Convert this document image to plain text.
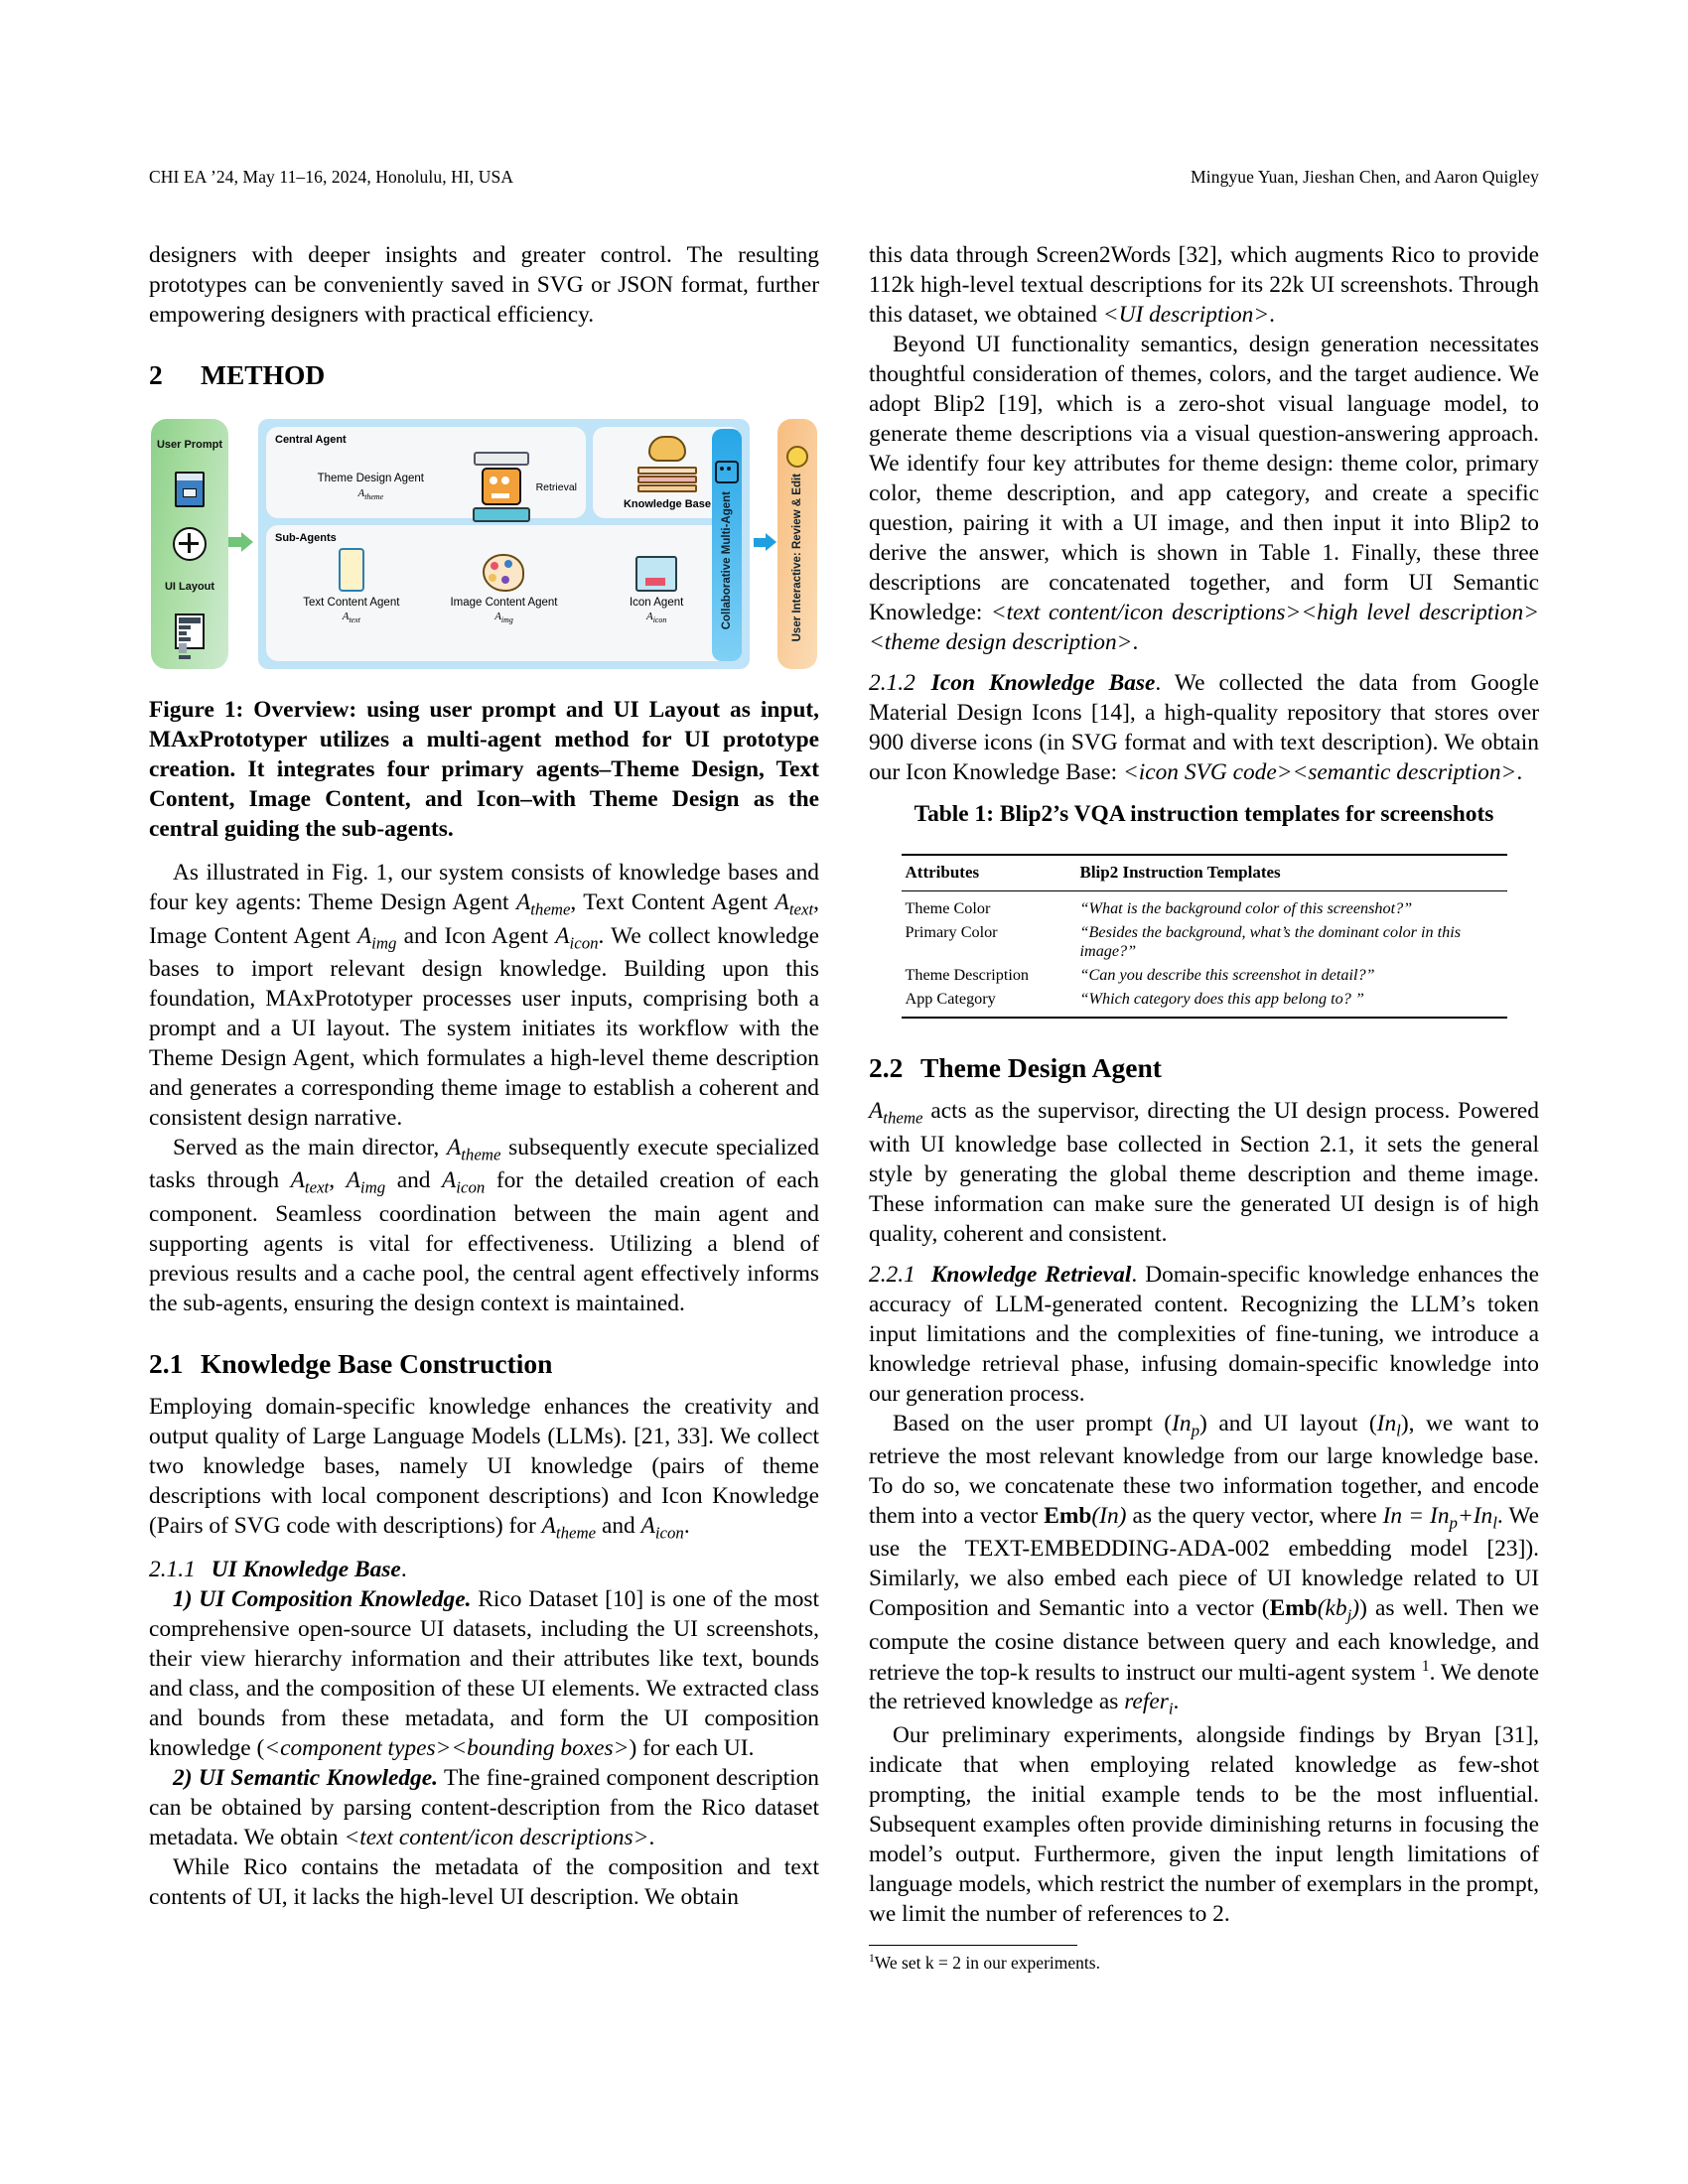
CHI EA ’24, May 11–16, 2024, Honolulu, HI, USA	Mingyue Yuan, Jieshan Chen, and Aaron Quigley

designers with deeper insights and greater control. The resulting prototypes can be conveniently saved in SVG or JSON format, further empowering designers with practical efficiency.

2	METHOD
User Prompt
UI Layout
Central Agent
Theme Design Agent
$A_{theme}$
Retrieval
Knowledge Base
Sub-Agents
Text Content Agent
$A_{text}$
Image Content Agent
$A_{img}$
Icon Agent
$A_{icon}$	Collaborative Multi-Agent	User Interactive: Review & Edit
Figure 1: Overview: using user prompt and UI Layout as input, MAxPrototyper utilizes a multi-agent method for UI prototype creation. It integrates four primary agents–Theme Design, Text Content, Image Content, and Icon–with Theme Design as the central guiding the sub-agents.

As illustrated in Fig. 1, our system consists of knowledge bases and four key agents: Theme Design Agent $A_{theme}$, Text Content Agent $A_{text}$, Image Content Agent $A_{img}$ and Icon Agent $A_{icon}$. We collect knowledge bases to import relevant design knowledge. Building upon this foundation, MAxPrototyper processes user inputs, comprising both a prompt and a UI layout. The system initiates its workflow with the Theme Design Agent, which formulates a high-level theme description and generates a corresponding theme image to establish a coherent and consistent design narrative.

Served as the main director, $A_{theme}$ subsequently execute specialized tasks through $A_{text}$, $A_{img}$ and $A_{icon}$ for the detailed creation of each component. Seamless coordination between the main agent and supporting agents is vital for effectiveness. Utilizing a blend of previous results and a cache pool, the central agent effectively informs the sub-agents, ensuring the design context is maintained.

2.1 Knowledge Base Construction

Employing domain-specific knowledge enhances the creativity and output quality of Large Language Models (LLMs). [21, 33]. We collect two knowledge bases, namely UI knowledge (pairs of theme descriptions with local component descriptions) and Icon Knowledge (Pairs of SVG code with descriptions) for $A_{theme}$ and $A_{icon}$.

2.1.1 UI Knowledge Base.

1) UI Composition Knowledge. Rico Dataset [10] is one of the most comprehensive open-source UI datasets, including the UI screenshots, their view hierarchy information and their attributes like text, bounds and class, and the composition of these UI elements. We extracted class and bounds from these metadata, and form the UI composition knowledge (<component types><bounding boxes>) for each UI.

2) UI Semantic Knowledge. The fine-grained component description can be obtained by parsing content-description from the Rico dataset metadata. We obtain <text content/icon descriptions>.

While Rico contains the metadata of the composition and text contents of UI, it lacks the high-level UI description. We obtain

this data through Screen2Words [32], which augments Rico to provide 112k high-level textual descriptions for its 22k UI screenshots. Through this dataset, we obtained <UI description>.

Beyond UI functionality semantics, design generation necessitates thoughtful consideration of themes, colors, and the target audience. We adopt Blip2 [19], which is a zero-shot visual language model, to generate theme descriptions via a visual question-answering approach. We identify four key attributes for theme design: theme color, primary color, theme description, and app category, and create a specific question, pairing it with a UI image, and then input it into Blip2 to derive the answer, which is shown in Table 1. Finally, these three descriptions are concatenated together, and form UI Semantic Knowledge: <text content/icon descriptions><high level description><theme design description>.

2.1.2 Icon Knowledge Base. We collected the data from Google Material Design Icons [14], a high-quality repository that stores over 900 diverse icons (in SVG format and with text description). We obtain our Icon Knowledge Base: <icon SVG code><semantic description>.

Table 1: Blip2’s VQA instruction templates for screenshots
Attributes	Blip2 Instruction Templates
Theme Color	“What is the background color of this screenshot?”
Primary Color	“Besides the background, what’s the dominant color in this image?”
Theme Description	“Can you describe this screenshot in detail?”
App Category	“Which category does this app belong to? ”
2.2 Theme Design Agent

$A_{theme}$ acts as the supervisor, directing the UI design process. Powered with UI knowledge base collected in Section 2.1, it sets the general style by generating the global theme description and theme image. These information can make sure the generated UI design is of high quality, coherent and consistent.

2.2.1 Knowledge Retrieval. Domain-specific knowledge enhances the accuracy of LLM-generated content. Recognizing the LLM’s token input limitations and the complexities of fine-tuning, we introduce a knowledge retrieval phase, infusing domain-specific knowledge into our generation process.

Based on the user prompt $(In_p)$ and UI layout $(In_l)$, we want to retrieve the most relevant knowledge from our large knowledge base. To do so, we concatenate these two information together, and encode them into a vector Emb(In) as the query vector, where $In = In_p+In_l$. We use the TEXT-EMBEDDING-ADA-002 embedding model [23]). Similarly, we also embed each piece of UI knowledge related to UI Composition and Semantic into a vector $(Emb(kb_j))$ as well. Then we compute the cosine distance between query and each knowledge, and retrieve the top-k results to instruct our multi-agent system $^1$. We denote the retrieved knowledge as refer$_i$.

Our preliminary experiments, alongside findings by Bryan [31], indicate that when employing related knowledge as few-shot prompting, the initial example tends to be the most influential. Subsequent examples often provide diminishing returns in focusing the model’s output. Furthermore, given the input length limitations of language models, which restrict the number of exemplars in the prompt, we limit the number of references to 2.

$^1$We set k = 2 in our experiments.
